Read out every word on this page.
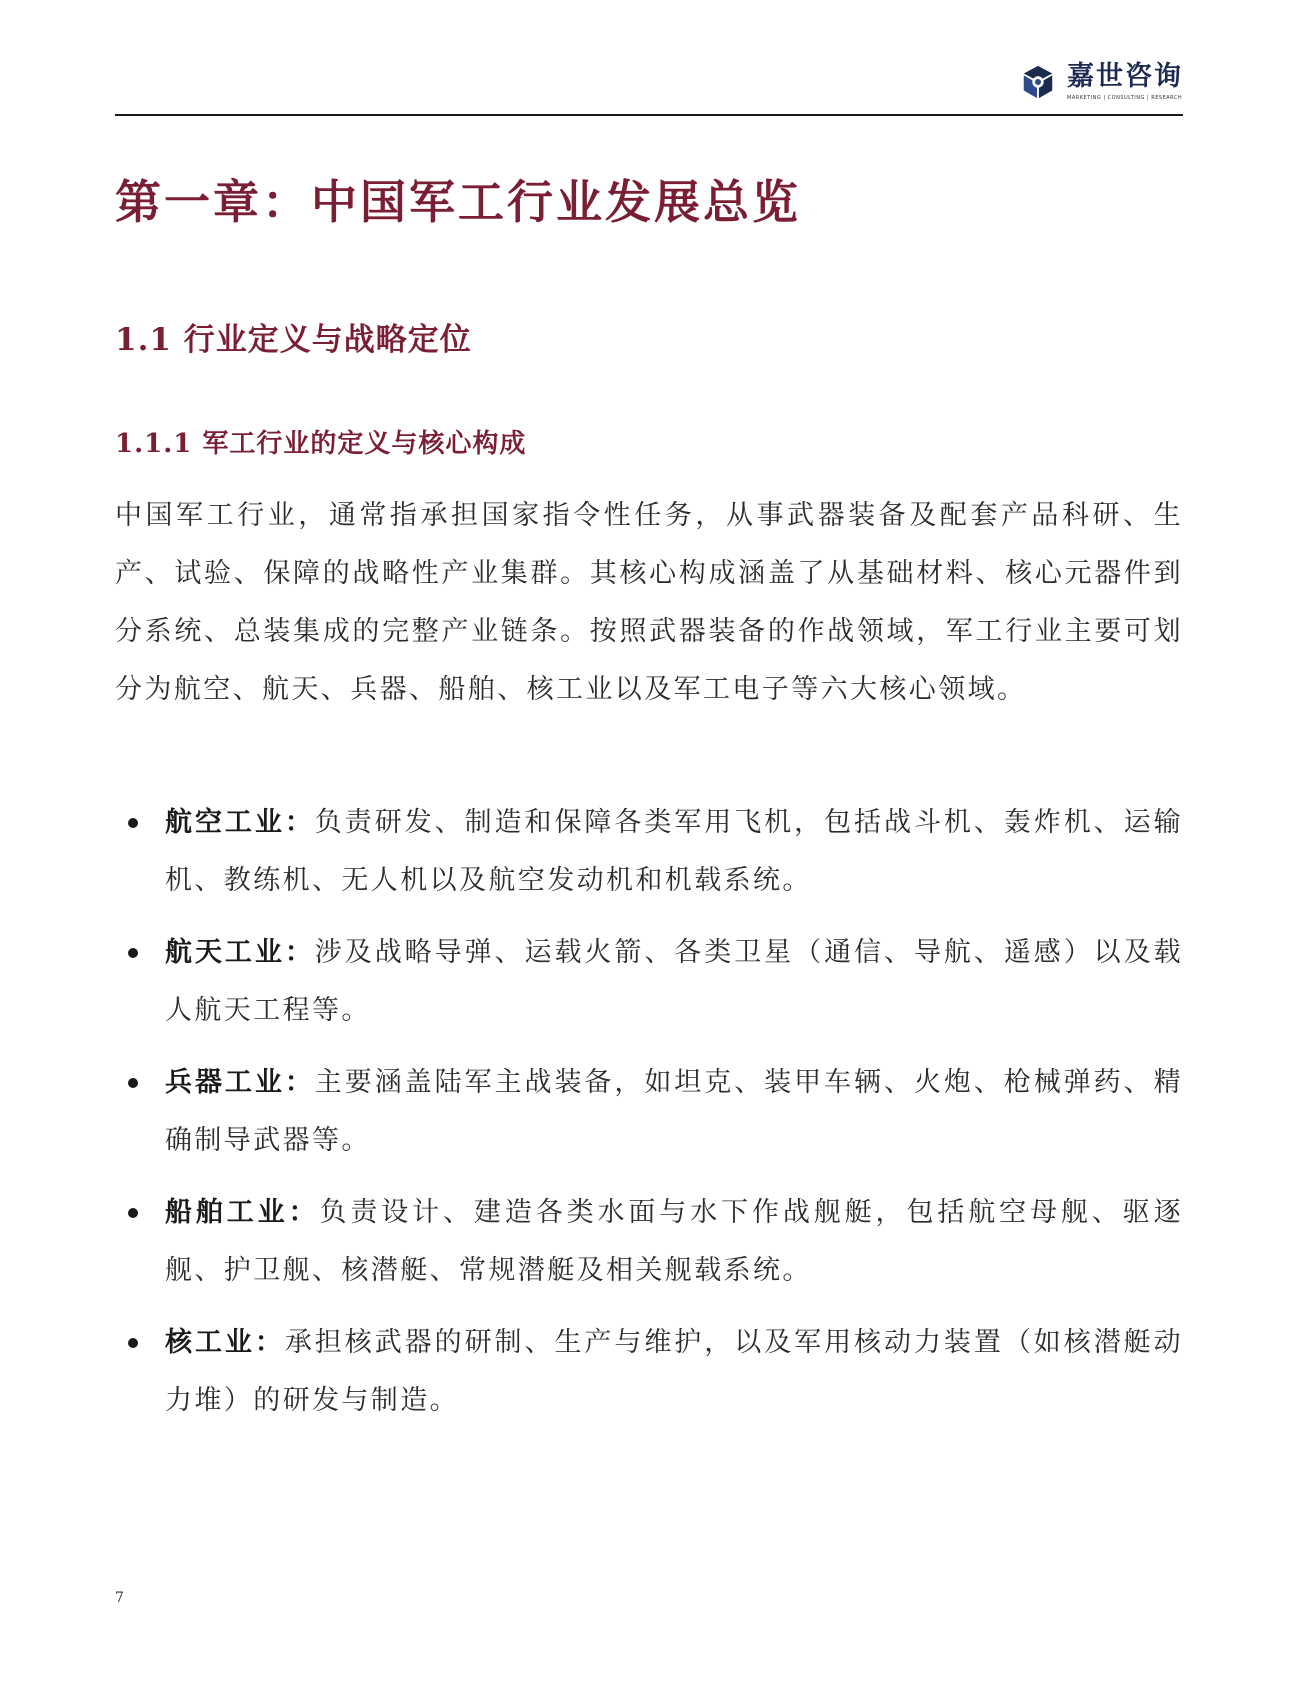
嘉世咨询
MARKETING | CONSULTING | RESEARCH
第一章：中国军工行业发展总览
1.1 行业定义与战略定位
1.1.1 军工行业的定义与核心构成

中国军工行业，通常指承担国家指令性任务，从事武器装备及配套产品科研、生产、试验、保障的战略性产业集群。其核心构成涵盖了从基础材料、核心元器件到分系统、总装集成的完整产业链条。按照武器装备的作战领域，军工行业主要可划分为航空、航天、兵器、船舶、核工业以及军工电子等六大核心领域。

航空工业：负责研发、制造和保障各类军用飞机，包括战斗机、轰炸机、运输机、教练机、无人机以及航空发动机和机载系统。
航天工业：涉及战略导弹、运载火箭、各类卫星（通信、导航、遥感）以及载人航天工程等。
兵器工业：主要涵盖陆军主战装备，如坦克、装甲车辆、火炮、枪械弹药、精确制导武器等。
船舶工业：负责设计、建造各类水面与水下作战舰艇，包括航空母舰、驱逐舰、护卫舰、核潜艇、常规潜艇及相关舰载系统。
核工业：承担核武器的研制、生产与维护，以及军用核动力装置（如核潜艇动力堆）的研发与制造。
7
